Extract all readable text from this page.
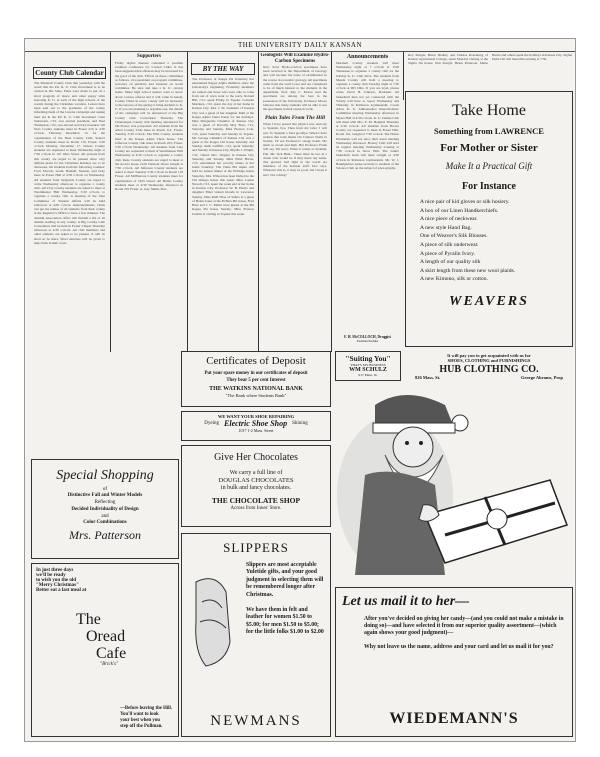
THE UNIVERSITY DAILY KANSAN
County Club Calendar

The Marshall County Club met yesterday with the result that the Pat K. U. Club movement is to be carried in this State. Plans were made to put on a short program of dance and other peppy talks honoring K. U. at each of the high schools of the county during the Christmas vacation. Letters have been sent out to the graduates of the county informing them of the Lucette campaign and asking their aid in the Pat K. U. Club movement. Glen Sturtevant, c'22, was elected president, and Neal Thompson, c'22, was elected secretary-treasurer. All Ness County students meet in Fraser 210 at 4:30 o'clock, Thursday December 13, for the organization of the Ness County Club. Seneca County students meet in Room 110, Fraser, 5:30 o'clock Monday, December 17. Dawes County students are requested to meet Wednesday night at 7:30 o'clock in 107 Ohio Street. All persons from this county are urged to be present since very definite plans for the Christmas holidays are to be discussed. All students from the following counties: Ford, Morton, Grant, Haskell, Stanton, and Gray meet in Fraser Hall at 4:30 o'clock on Wednesday. All students from Sedgwick County are urged to come Wednesday afternoon to organize a county club. All Clay County students are asked to meet at Westminster Hall Wednesday, 5:30 o'clock, to organize a county club. A meeting of the Joint Committee of Student Affairs will be held tomorrow at 4:30 o'clock. Announcements. Clubs can get the names of all students from their county at the Registrar's Office to have a few minutes. The Alumni Association office will furnish a list of all alumni residing in any county. A Big County Club Convention will be held in Fraser Chapel Thursday afternoon at 4:30 o'clock. All club members and other students are asked to be present. It will be short so be there. Short sketches will be given to help clubs in their work.

Supporters

Friday night's Kansan contained a possible southern conference for Cornell Clubs. It has been suggested that offences may be increased for the good of the club. Efforts on these committees as follows, vice-president on program committee, secretary on publicity and treasurer on social committee. Be sure and take a K. U. catalog home. Many high school seniors want to know about courses offered and it will come in handy. County Clubs in every county will be necessary to the success of the spring to bring students to K. U. If you are planning to organize one, the details of the campaign will be announced at the Big County Club Convention Thursday. The Chautauqua County club meeting announced for 9th Fraser, was postponed. All students from the Allen County Club meet in Room 112, Fraser, Tuesday 5:30 o'clock. The Ellis County students meet at the Kappa Alpha Theta house. The Jefferson County club meet in Room 223, Fraser, 5:30 o'clock Wednesday. All students from Clay County are requested to meet at Westminster Hall Wednesday at 4:30 o'clock to organize a county club. Reno County students are urged to meet at the Acacia house 2126 Vermont Street tonight at 7:30 o'clock. All Jefferson County students are asked to meet Tuesday 5:30 o'clock in Room 118 Fraser. All McPherson County students meet for organization of 1923 Oread. All Butler County students meet at 4:30 Wednesday afternoon in Room 201 Fraser. A. Guy Smith, Pres.

BY THE WAY

The Professor of Kappa Psi fraternity has entertained Kappa Alpha members since the University's beginning. Fraternity members are rushed and those who were able to come from out of town went to the party. Roland Hill, c'21, spent Friday in Topeka. Cornelia Martinez, c'22, spent the day at her home in Kansas City. Mrs. J. M. Saunders of Kansas City was a guest of her daughter Ruth at the Kappa Alpha Theta house for the holidays. Miss Marguerite Chandler of Kansas City was a guest of Dorothy May Finn, c'21, Saturday and Sunday. Miss Eleanor Cole, c'23, spent Saturday and Sunday in Topeka. Mr. George Chandler of Kansas City was a guest at the Kappa Chi house Saturday and Sunday. Ruth Griffith, c'24, spent Saturday and Sunday in Kansas City. Phyllis J. Wright, c'22, visited Mrs. Wagner in Kansas City Saturday and Sunday. Miss Ethel Harris, c'23, entertained her sorority sisters at her home Saturday. The Theta Phi Alpha will hold its annual dinner at the Eldridge house Saturday. Mrs. Wilson has been invited to the Chi Omega house this week. Miss Louise Newell, c'23, spent the week end at her home in Kansas City. Professor W. B. Harris and daughter Ethel visited friends in Lawrence Sunday. Miss Ruth Wise of Salina is a guest of Helen Jones at the Pi Beta Phi house. Fred Hess and J. C. Malin were guests at the Phi Kappa Psi house Sunday. Miss Frances Grubbs is visiting in Topeka this week.

Geologists Will Examine Hydro-Carbon Specimens

Now Scott Hydro-Carbon specimens have been received at the Department of Geology and will become the basis of examination in the course in economic geology. All specimens came from the Gulf Coast and are considered to be of much interest to the students in the department. Prof. Ray C. Moore said the specimens are among the best in the possession of the University. Professor Moore believes that many students will be able to use the specimens in their research work.

Plain Tales From The Hill

When I have passed that physics test, And say to Spanish, bye, Then from my labor I will rest, To Spanish a fond goodbye. When I have written that term theme On Cather's Study in Scarlet, I'll see Professor's visage beam, My mark so proud and high. But Professor Frank will say, I'm sorry, When it comes to Spanish, Fail. Mr. Jack Hunt-- There must be two in a dozen who would be if they knew my name. The greatest bell light in the world are members of the Kansan staff. Doc says, Whatever this is, it may be good, but I hope it isn't. Not a thing!

Announcements

Marshall County students will meet Wednesday night at 7 o'clock at 1318 Tennessee to organize a county club for the holiday K. U. Club drive. The students from Meade County will hold a meeting to organize a county club Tuesday night at 7:30 o'clock at 905 Ohio. If you are loyal, please come. Oscar H. Johnson, President. All basketball men not yet connected with the Varsity will have to report Wednesday and Thursday in Robinson Gymnasium. Coach Allen. K. U. Ambassadors Interscholastic Committee meeting Wednesday afternoon in Myers Hall at 4:30 o'clock. K. U. Dames Club will meet with Mrs. E. M. Hopkins Thursday at 2:30 o'clock. All students from Brown County are requested to meet in Fraser Hall, Room 101, tonight at 7:30 o'clock. The House Presidents will not have their usual meeting Wednesday afternoon. Botany Club will hold its regular meeting Wednesday evening at 7:30 o'clock in Snow Hall. The ladies' basketball team will meet tonight at 4:30 o'clock in Robinson Gymnasium. Mr. W. J. Baumgartner spoke recently to students of the Science Club on the subject of photography.

Roy Margie, Bruce Dudley, and Charles Rosenberg of Kansas Agricultural College, spent Monday visiting at the Sigma Nu house. Nan Sturgis, Helen Patterson, Marie Harris and others spent the holidays in Kansas City. Sigma Delta Chi will meet this evening at 7:30.

Take Home
Something from LAWRENCE
For Mother or Sister
Make It a Practical Gift
For Instance
A nice pair of kid gloves or silk hosiery.
A box of our Linen Handkerchiefs.
A nice piece of neckwear.
A new style Hand Bag.
One of Weaver's Silk Blouses.
A piece of silk underwear.
A piece of Pyralin Ivory.
A length of our quality silk
A skirt length from these new wool plaids.
A new Kimono, silk or cotton.
WEAVERS
It will pay you to get acquainted with us for
SHOES, CLOTHING and FURNISHINGS
HUB CLOTHING CO.
826 Mass. St.	George Abrams, Prop
Certificates of Deposit
Put your spare money in our certificates of deposit
They bear 5 per cent Interest
THE WATKINS NATIONAL BANK
"The Bank where Students Bank"
WE WANT YOUR SHOE REPAIRING
Dyeing Electric Shoe Shop Shining
1017 1-2 Mass. Street
Give Her Chocolates
We carry a full line of
DOUGLAS CHOCOLATES
in bulk and fancy chocolates.
THE CHOCOLATE SHOP
Across from Innes' Store.
"Suiting You"
THAT'S MY BUSINESS
WM SCHULZ
917 Mass. St.
F. H. McCOLLOCH, Druggist
Eastman Kodaks
Special Shopping
of
Distinctive Fall and Winter Models
Reflecting
Decided Individuality of Design
and
Color Combinations
Mrs. Patterson
In just three days
we'll be ready
to wish you the old
"Merry Christmas"
Better eat a last meal at
The
Oread
Cafe
"Brick's"
—Before leaving the Hill.
You'll want to look
your best when you
step off the Pullman.
SLIPPERS
Slippers are most acceptable Yuletide gifts, and your good judgment in selecting them will be remembered longer after Christmas.
We have them in felt and leather for women $1.50 to $5.00; for men $1.50 to $5.00; for the little folks $1.00 to $2.00
NEWMANS
Let us mail it to her—
After you've decided on giving her candy—(and you could not make a mistake in doing so)—and have selected it from our superior quality assortment—(which again shows your good judgment)—
Why not leave us the name, address and your card and let us mail it for you?
WIEDEMANN'S
